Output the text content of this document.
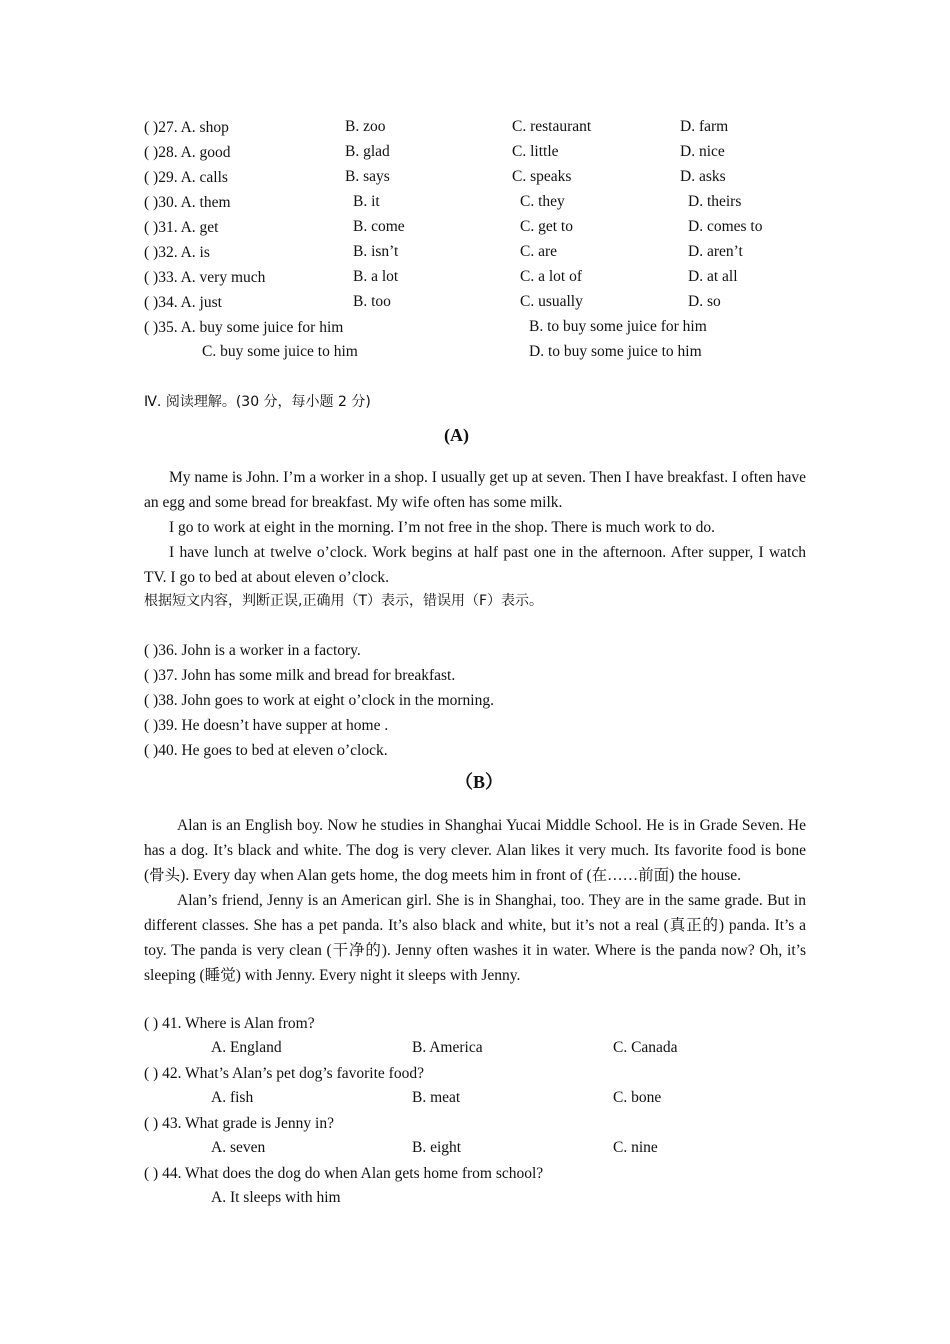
( )27. A. shop	B. zoo	C. restaurant	D. farm
( )28. A. good	B. glad	C. little	D. nice
( )29. A. calls	B. says	C. speaks	D. asks
( )30. A. them	B. it	C. they	D. theirs
( )31. A. get	B. come	C. get to	D. comes to
( )32. A. is	B. isn’t	C. are	D. aren’t
( )33. A. very much	B. a lot	C. a lot of	D. at all
( )34. A. just	B. too	C. usually	D. so
( )35. A. buy some juice for him	B. to buy some juice for him
C. buy some juice to him	D. to buy some juice to him
Ⅳ. 阅读理解。(30 分，每小题 2 分)
(A)

My name is John. I’m a worker in a shop. I usually get up at seven. Then I have breakfast. I often have an egg and some bread for breakfast. My wife often has some milk.

I go to work at eight in the morning. I’m not free in the shop. There is much work to do.

I have lunch at twelve o’clock. Work begins at half past one in the afternoon. After supper, I watch TV. I go to bed at about eleven o’clock.

根据短文内容，判断正误,正确用（T）表示，错误用（F）表示。
( )36. John is a worker in a factory.
( )37. John has some milk and bread for breakfast.
( )38. John goes to work at eight o’clock in the morning.
( )39. He doesn’t have supper at home .
( )40. He goes to bed at eleven o’clock.
（B）

Alan is an English boy. Now he studies in Shanghai Yucai Middle School. He is in Grade Seven. He has a dog. It’s black and white. The dog is very clever. Alan likes it very much. Its favorite food is bone (骨头). Every day when Alan gets home, the dog meets him in front of (在……前面) the house.

Alan’s friend, Jenny is an American girl. She is in Shanghai, too. They are in the same grade. But in different classes. She has a pet panda. It’s also black and white, but it’s not a real (真正的) panda. It’s a toy. The panda is very clean (干净的). Jenny often washes it in water. Where is the panda now? Oh, it’s sleeping (睡觉) with Jenny. Every night it sleeps with Jenny.

( ) 41. Where is Alan from?
A. England	B. America	C. Canada
( ) 42. What’s Alan’s pet dog’s favorite food?
A. fish	B. meat	C. bone
( ) 43. What grade is Jenny in?
A. seven	B. eight	C. nine
( ) 44. What does the dog do when Alan gets home from school?
A. It sleeps with him
